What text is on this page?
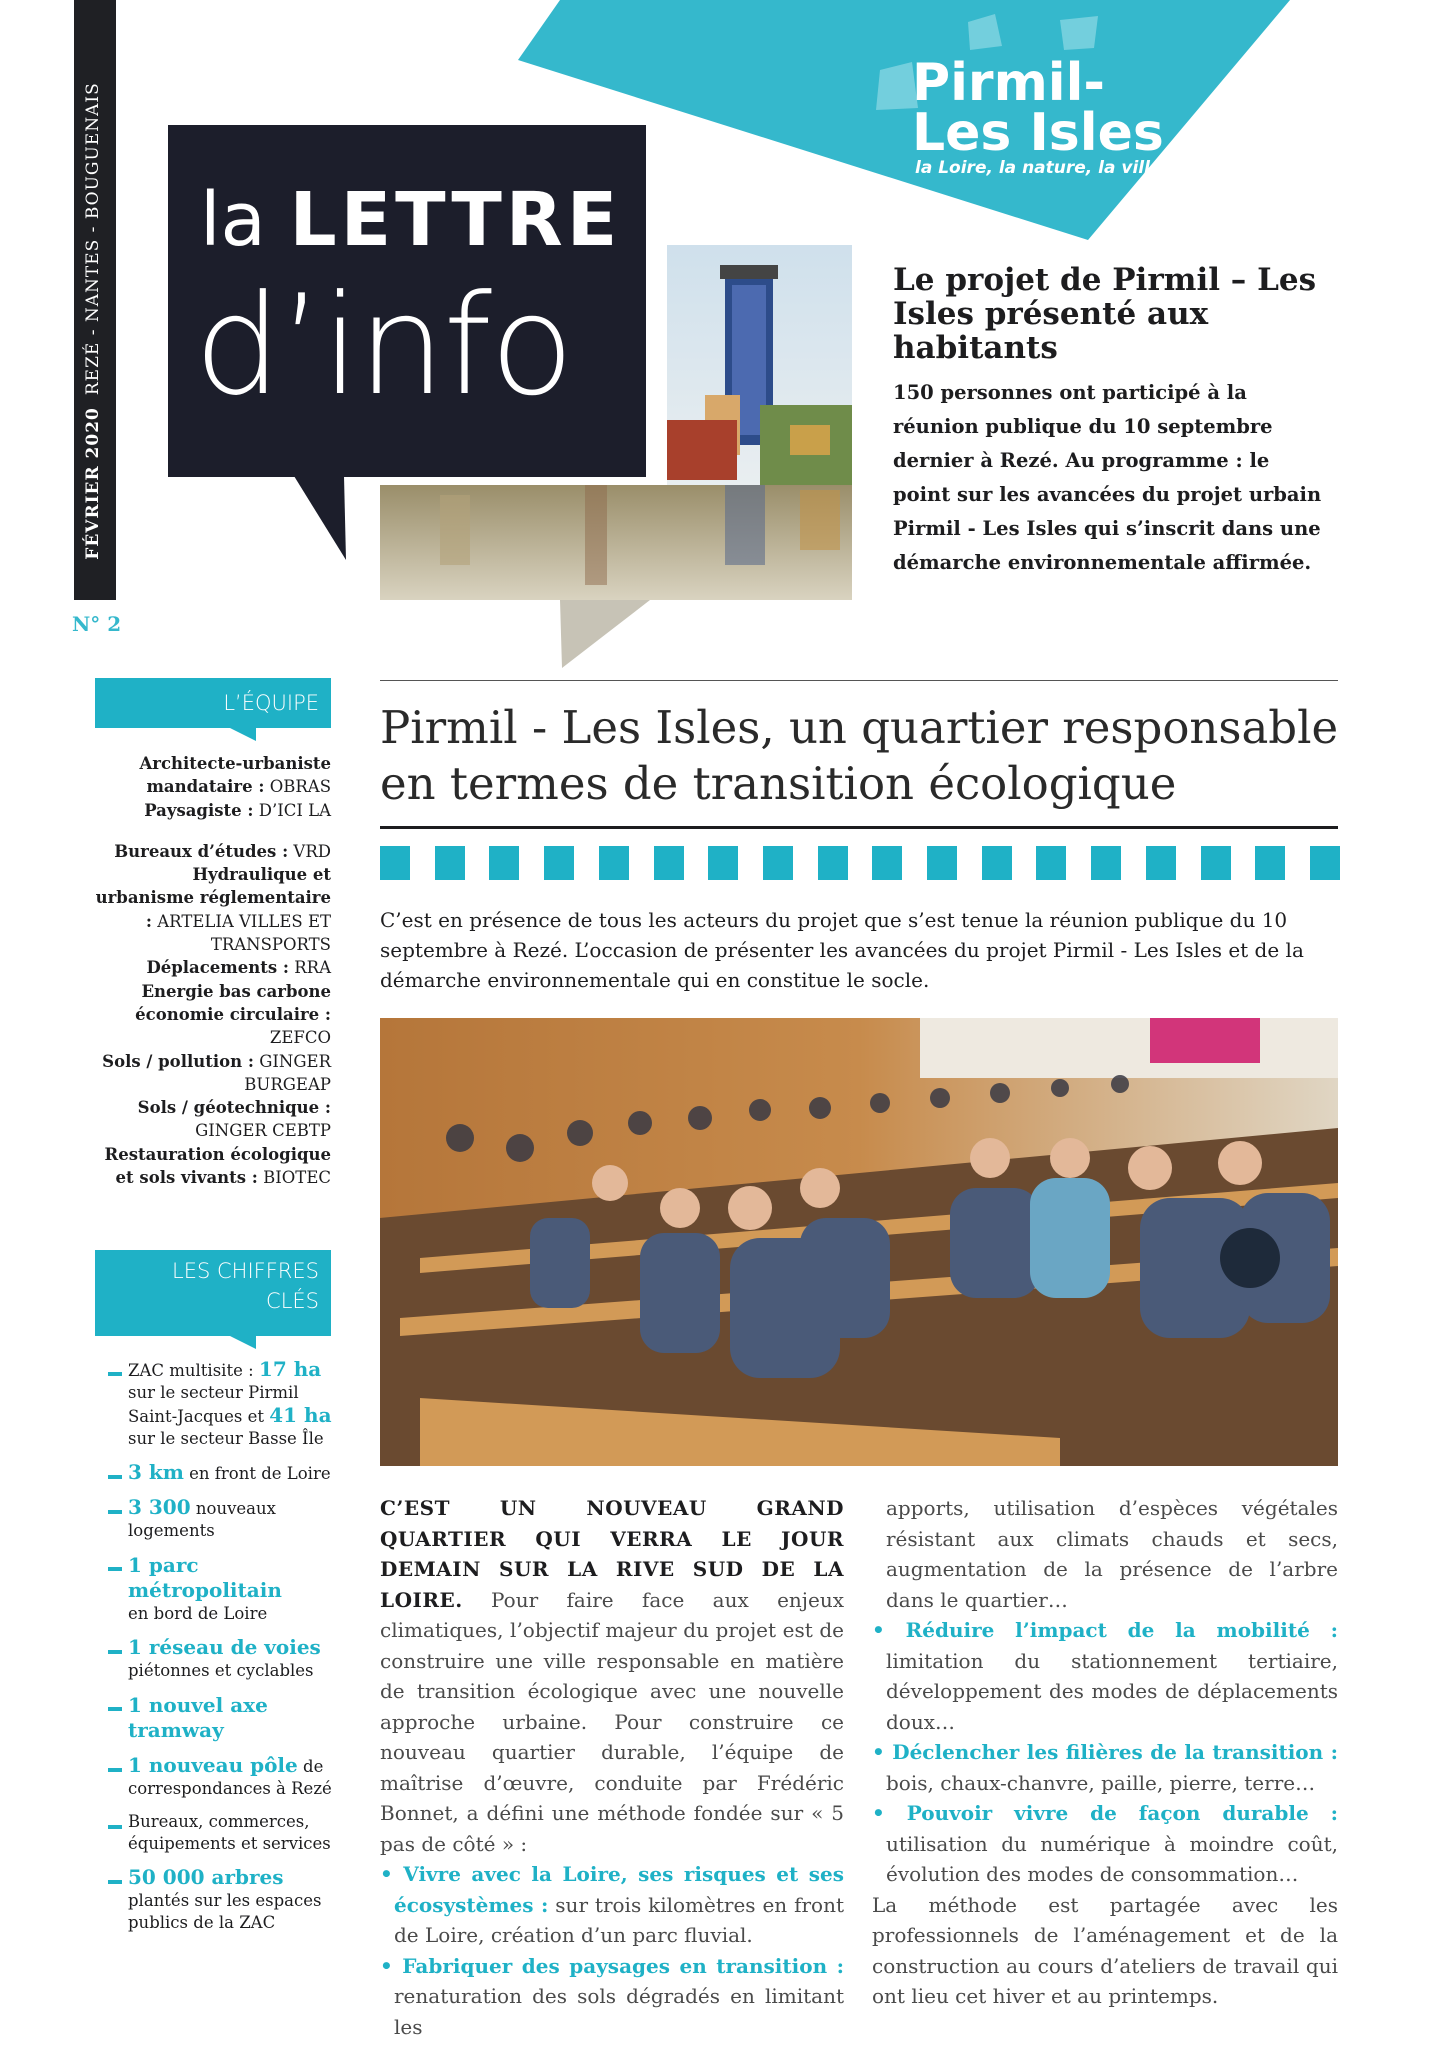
Pirmil-
Les Isles
la Loire, la nature, la ville
FÉVRIER 2020
REZÉ - NANTES - BOUGUENAIS
N° 2
la LETTRE
d’info	Le projet de Pirmil – Les Isles présenté aux habitants
150 personnes ont participé à la réunion publique du 10 septembre dernier à Rezé. Au programme : le point sur les avancées du projet urbain Pirmil - Les Isles qui s’inscrit dans une démarche environnementale affirmée.
L’ÉQUIPE

Architecte-urbaniste mandataire : OBRAS

Paysagiste : D’ICI LA

Bureaux d’études : VRD

Hydraulique et urbanisme réglementaire : ARTELIA VILLES ET TRANSPORTS

Déplacements : RRA

Energie bas carbone économie circulaire : ZEFCO

Sols / pollution : GINGER BURGEAP

Sols / géotechnique : GINGER CEBTP

Restauration écologique et sols vivants : BIOTEC

LES CHIFFRES
CLÉS
ZAC multisite : 17 ha sur le secteur Pirmil Saint-Jacques et 41 ha sur le secteur Basse Île
3 km en front de Loire
3 300 nouveaux logements
1 parc métropolitain
en bord de Loire
1 réseau de voies
piétonnes et cyclables
1 nouvel axe tramway
1 nouveau pôle de correspondances à Rezé
Bureaux, commerces, équipements et services
50 000 arbres
plantés sur les espaces publics de la ZAC
Pirmil - Les Isles, un quartier responsable en termes de transition écologique
C’est en présence de tous les acteurs du projet que s’est tenue la réunion publique du 10 septembre à Rezé. L’occasion de présenter les avancées du projet Pirmil - Les Isles et de la démarche environnementale qui en constitue le socle.

C’EST UN NOUVEAU GRAND QUARTIER QUI VERRA LE JOUR DEMAIN SUR LA RIVE SUD DE LA LOIRE. Pour faire face aux enjeux climatiques, l’objectif majeur du projet est de construire une ville responsable en matière de transition écologique avec une nouvelle approche urbaine. Pour construire ce nouveau quartier durable, l’équipe de maîtrise d’œuvre, conduite par Frédéric Bonnet, a défini une méthode fondée sur « 5 pas de côté » :

• Vivre avec la Loire, ses risques et ses écosystèmes : sur trois kilomètres en front de Loire, création d’un parc fluvial.

• Fabriquer des paysages en transition : renaturation des sols dégradés en limitant les

apports, utilisation d’espèces végétales résistant aux climats chauds et secs, augmentation de la présence de l’arbre dans le quartier…

• Réduire l’impact de la mobilité : limitation du stationnement tertiaire, développement des modes de déplacements doux…

• Déclencher les filières de la transition : bois, chaux-chanvre, paille, pierre, terre…

• Pouvoir vivre de façon durable : utilisation du numérique à moindre coût, évolution des modes de consommation…

La méthode est partagée avec les professionnels de l’aménagement et de la construction au cours d’ateliers de travail qui ont lieu cet hiver et au printemps.
